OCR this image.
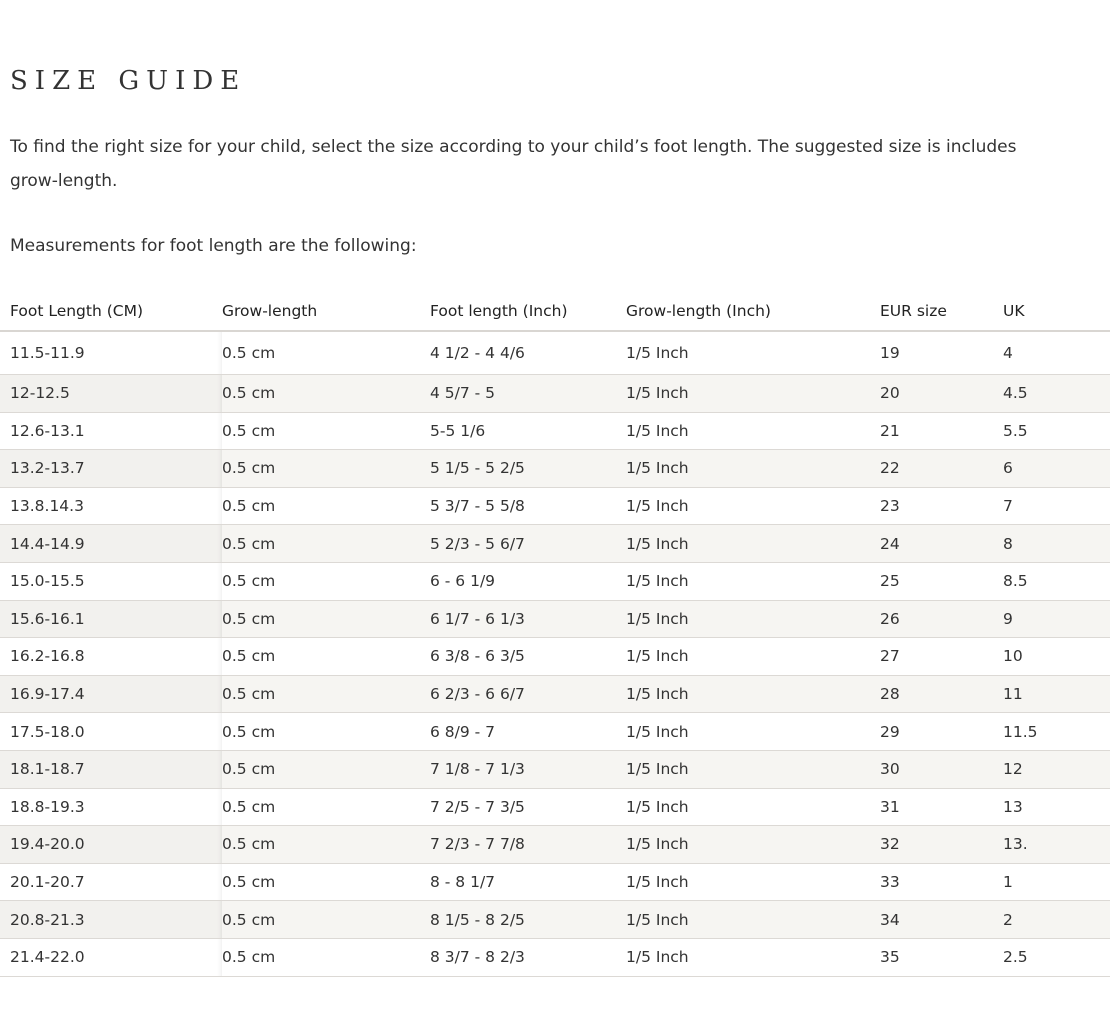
SIZE GUIDE

To find the right size for your child, select the size according to your child’s foot length. The suggested size is includes grow-length.

Measurements for foot length are the following:

Foot Length (CM)	Grow-length	Foot length (Inch)	Grow-length (Inch)	EUR size	UK
11.5-11.9	0.5 cm	4 1/2 - 4 4/6	1/5 Inch	19	4
12-12.5	0.5 cm	4 5/7 - 5	1/5 Inch	20	4.5
12.6-13.1	0.5 cm	5-5 1/6	1/5 Inch	21	5.5
13.2-13.7	0.5 cm	5 1/5 - 5 2/5	1/5 Inch	22	6
13.8.14.3	0.5 cm	5 3/7 - 5 5/8	1/5 Inch	23	7
14.4-14.9	0.5 cm	5 2/3 - 5 6/7	1/5 Inch	24	8
15.0-15.5	0.5 cm	6 - 6 1/9	1/5 Inch	25	8.5
15.6-16.1	0.5 cm	6 1/7 - 6 1/3	1/5 Inch	26	9
16.2-16.8	0.5 cm	6 3/8 - 6 3/5	1/5 Inch	27	10
16.9-17.4	0.5 cm	6 2/3 - 6 6/7	1/5 Inch	28	11
17.5-18.0	0.5 cm	6 8/9 - 7	1/5 Inch	29	11.5
18.1-18.7	0.5 cm	7 1/8 - 7 1/3	1/5 Inch	30	12
18.8-19.3	0.5 cm	7 2/5 - 7 3/5	1/5 Inch	31	13
19.4-20.0	0.5 cm	7 2/3 - 7 7/8	1/5 Inch	32	13.
20.1-20.7	0.5 cm	8 - 8 1/7	1/5 Inch	33	1
20.8-21.3	0.5 cm	8 1/5 - 8 2/5	1/5 Inch	34	2
21.4-22.0	0.5 cm	8 3/7 - 8 2/3	1/5 Inch	35	2.5
